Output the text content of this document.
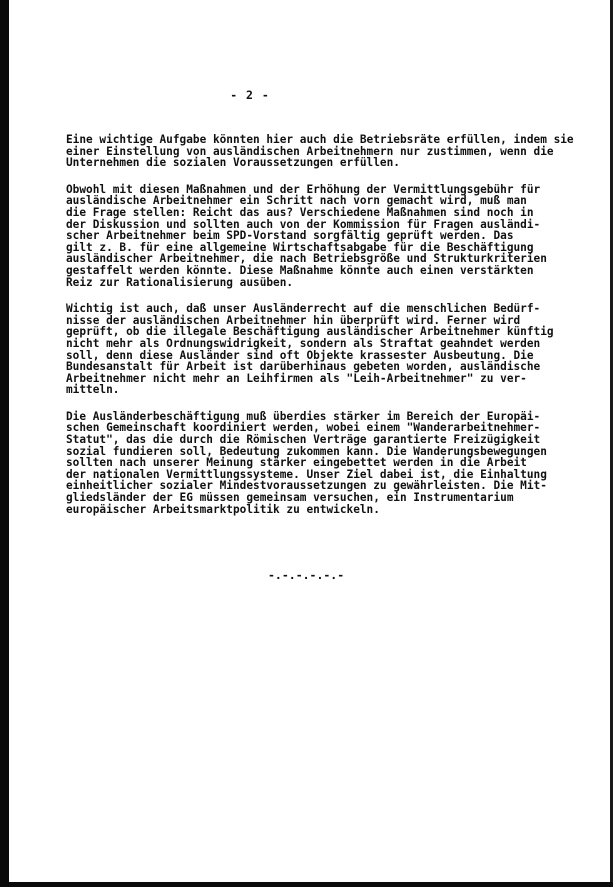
- 2 -
Eine wichtige Aufgabe könnten hier auch die Betriebsräte erfüllen, indem sie
einer Einstellung von ausländischen Arbeitnehmern nur zustimmen, wenn die
Unternehmen die sozialen Voraussetzungen erfüllen.
Obwohl mit diesen Maßnahmen und der Erhöhung der Vermittlungsgebühr für
ausländische Arbeitnehmer ein Schritt nach vorn gemacht wird, muß man
die Frage stellen: Reicht das aus? Verschiedene Maßnahmen sind noch in
der Diskussion und sollten auch von der Kommission für Fragen ausländi-
scher Arbeitnehmer beim SPD-Vorstand sorgfältig geprüft werden. Das
gilt z. B. für eine allgemeine Wirtschaftsabgabe für die Beschäftigung
ausländischer Arbeitnehmer, die nach Betriebsgröße und Strukturkriterien
gestaffelt werden könnte. Diese Maßnahme könnte auch einen verstärkten
Reiz zur Rationalisierung ausüben.
Wichtig ist auch, daß unser Ausländerrecht auf die menschlichen Bedürf-
nisse der ausländischen Arbeitnehmer hin überprüft wird. Ferner wird
geprüft, ob die illegale Beschäftigung ausländischer Arbeitnehmer künftig
nicht mehr als Ordnungswidrigkeit, sondern als Straftat geahndet werden
soll, denn diese Ausländer sind oft Objekte krassester Ausbeutung. Die
Bundesanstalt für Arbeit ist darüberhinaus gebeten worden, ausländische
Arbeitnehmer nicht mehr an Leihfirmen als "Leih-Arbeitnehmer" zu ver-
mitteln.
Die Ausländerbeschäftigung muß überdies stärker im Bereich der Europäi-
schen Gemeinschaft koordiniert werden, wobei einem "Wanderarbeitnehmer-
Statut", das die durch die Römischen Verträge garantierte Freizügigkeit
sozial fundieren soll, Bedeutung zukommen kann. Die Wanderungsbewegungen
sollten nach unserer Meinung stärker eingebettet werden in die Arbeit
der nationalen Vermittlungssysteme. Unser Ziel dabei ist, die Einhaltung
einheitlicher sozialer Mindestvoraussetzungen zu gewährleisten. Die Mit-
gliedsländer der EG müssen gemeinsam versuchen, ein Instrumentarium
europäischer Arbeitsmarktpolitik zu entwickeln.
-.-.-.-.-.-
